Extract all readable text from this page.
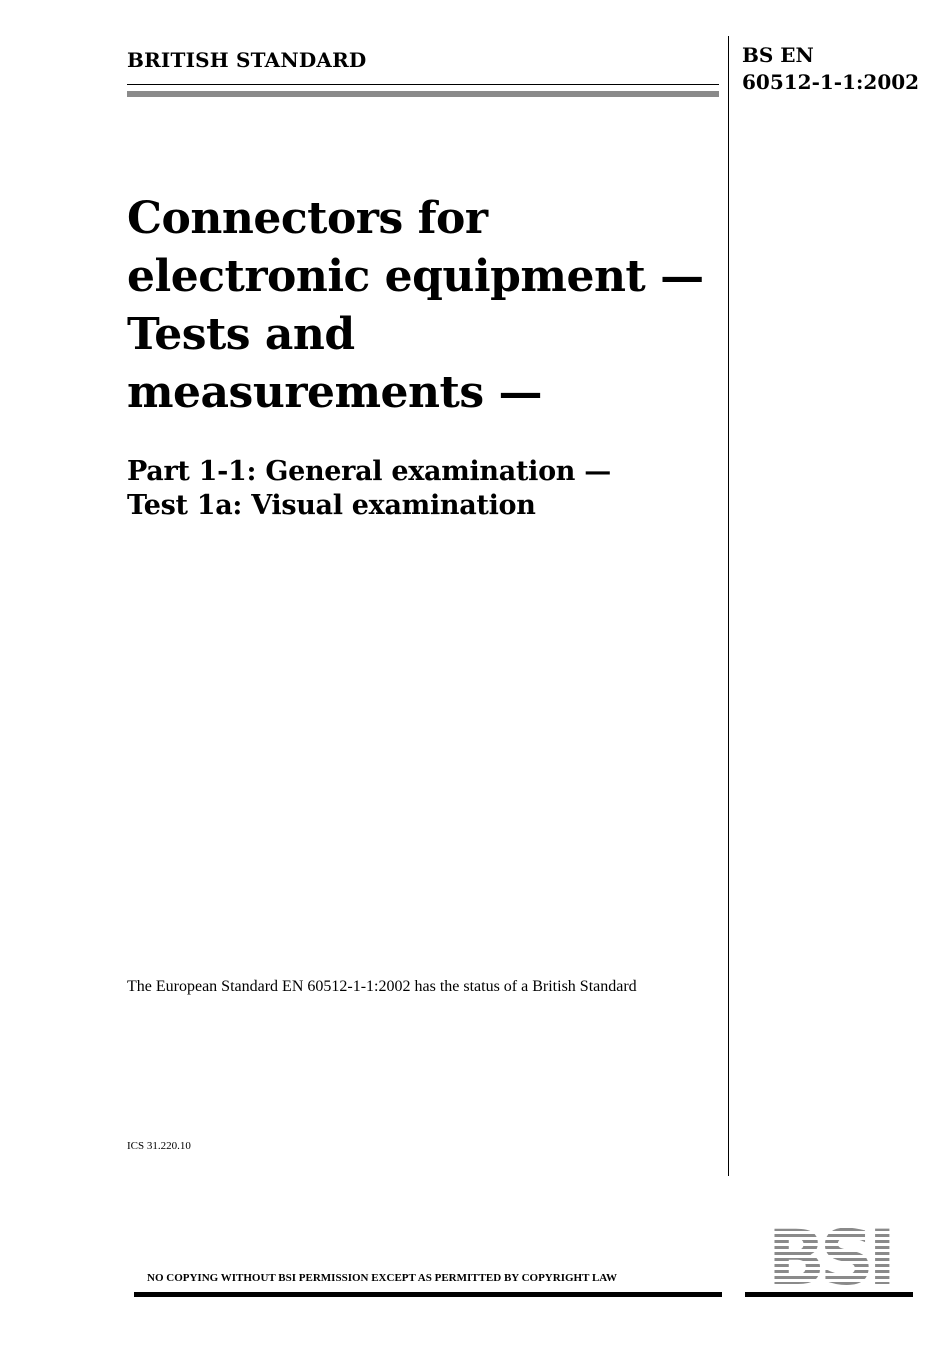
BRITISH STANDARD	BS EN
60512-1-1:2002
Connectors for
electronic equipment —
Tests and
measurements —
Part 1-1: General examination —
Test 1a: Visual examination
The European Standard EN 60512-1-1:2002 has the status of a British Standard
ICS 31.220.10
NO COPYING WITHOUT BSI PERMISSION EXCEPT AS PERMITTED BY COPYRIGHT LAW BSI
